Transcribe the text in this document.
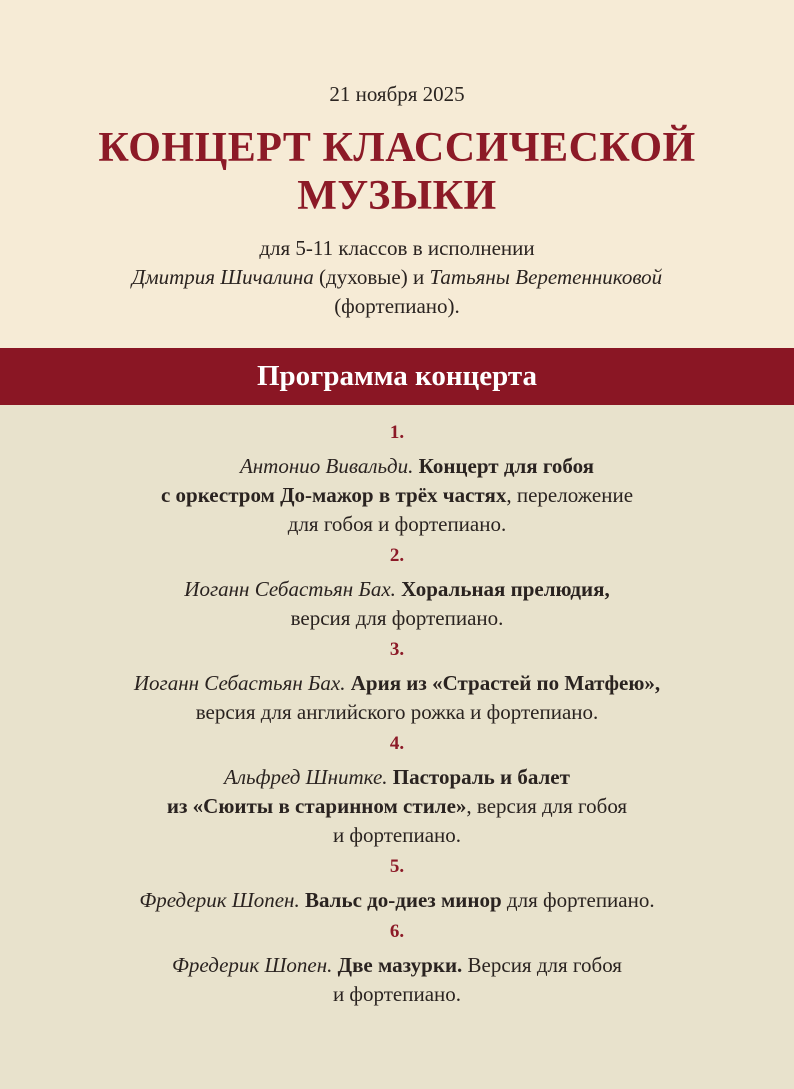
21 ноября 2025

КОНЦЕРТ КЛАССИЧЕСКОЙ
МУЗЫКИ
для 5-11 классов в исполнении
Дмитрия Шичалина (духовые) и Татьяны Веретенниковой
(фортепиано).
Программа концерта
1.
Антонио Вивальди. Концерт для гобоя
с оркестром До-мажор в трёх частях, переложение
для гобоя и фортепиано.
2.
Иоганн Себастьян Бах. Хоральная прелюдия,
версия для фортепиано.
3.
Иоганн Себастьян Бах. Ария из «Страстей по Матфею»,
версия для английского рожка и фортепиано.
4.
Альфред Шнитке. Пастораль и балет
из «Сюиты в старинном стиле», версия для гобоя
и фортепиано.
5.
Фредерик Шопен. Вальс до-диез минор для фортепиано.
6.
Фредерик Шопен. Две мазурки. Версия для гобоя
и фортепиано.
